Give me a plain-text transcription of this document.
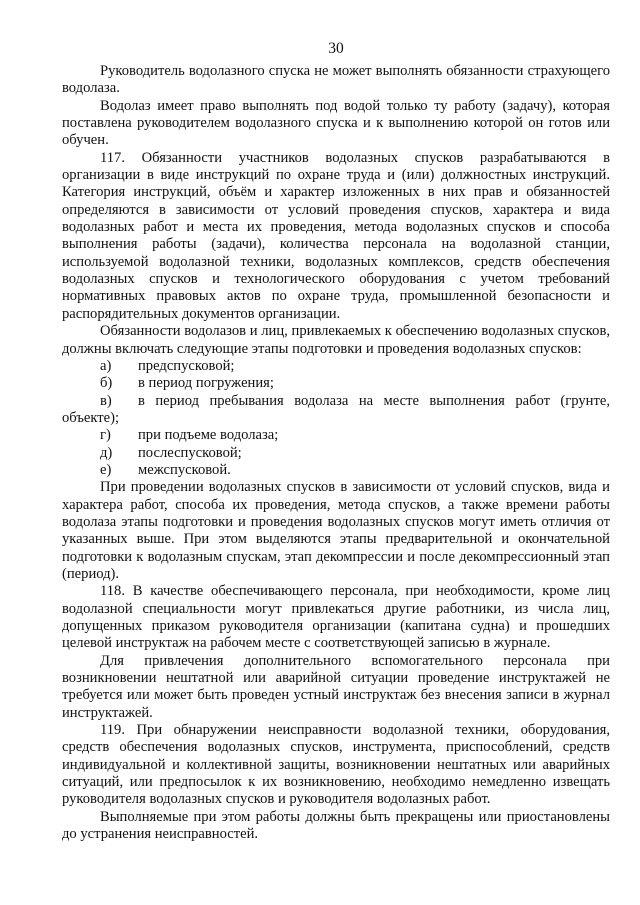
30

Руководитель водолазного спуска не может выполнять обязанности страхующего водолаза.

Водолаз имеет право выполнять под водой только ту работу (задачу), которая поставлена руководителем водолазного спуска и к выполнению которой он готов или обучен.

117. Обязанности участников водолазных спусков разрабатываются в организации в виде инструкций по охране труда и (или) должностных инструкций. Категория инструкций, объём и характер изложенных в них прав и обязанностей определяются в зависимости от условий проведения спусков, характера и вида водолазных работ и места их проведения, метода водолазных спусков и способа выполнения работы (задачи), количества персонала на водолазной станции, используемой водолазной техники, водолазных комплексов, средств обеспечения водолазных спусков и технологического оборудования с учетом требований нормативных правовых актов по охране труда, промышленной безопасности и распорядительных документов организации.

Обязанности водолазов и лиц, привлекаемых к обеспечению водолазных спусков, должны включать следующие этапы подготовки и проведения водолазных спусков:

а) предспусковой;
б) в период погружения;
в) в период пребывания водолаза на месте выполнения работ (грунте, объекте);
г) при подъеме водолаза;
д) послеспусковой;
е) межспусковой.

При проведении водолазных спусков в зависимости от условий спусков, вида и характера работ, способа их проведения, метода спусков, а также времени работы водолаза этапы подготовки и проведения водолазных спусков могут иметь отличия от указанных выше. При этом выделяются этапы предварительной и окончательной подготовки к водолазным спускам, этап декомпрессии и после декомпрессионный этап (период).

118. В качестве обеспечивающего персонала, при необходимости, кроме лиц водолазной специальности могут привлекаться другие работники, из числа лиц, допущенных приказом руководителя организации (капитана судна) и прошедших целевой инструктаж на рабочем месте с соответствующей записью в журнале.

Для привлечения дополнительного вспомогательного персонала при возникновении нештатной или аварийной ситуации проведение инструктажей не требуется или может быть проведен устный инструктаж без внесения записи в журнал инструктажей.

119. При обнаружении неисправности водолазной техники, оборудования, средств обеспечения водолазных спусков, инструмента, приспособлений, средств индивидуальной и коллективной защиты, возникновении нештатных или аварийных ситуаций, или предпосылок к их возникновению, необходимо немедленно извещать руководителя водолазных спусков и руководителя водолазных работ.

Выполняемые при этом работы должны быть прекращены или приостановлены до устранения неисправностей.
